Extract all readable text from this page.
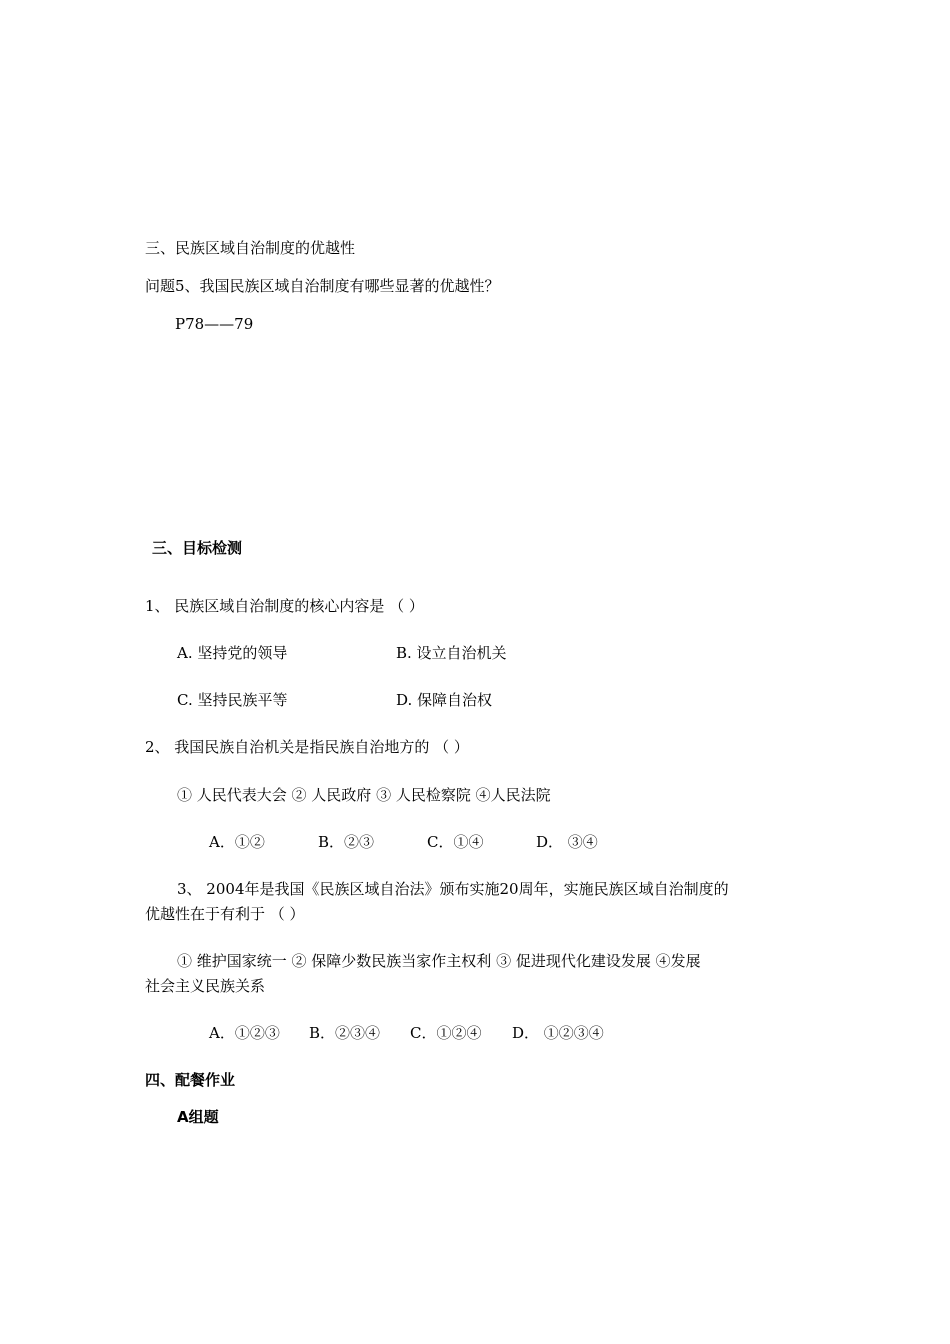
三、民族区域自治制度的优越性
问题5、我国民族区域自治制度有哪些显著的优越性？
P78——79
三、目标检测
1、 民族区域自治制度的核心内容是 （ ）
A. 坚持党的领导	B. 设立自治机关
C. 坚持民族平等	D. 保障自治权
2、 我国民族自治机关是指民族自治地方的 （ ）
① 人民代表大会 ② 人民政府 ③ 人民检察院 ④人民法院
A．①②	B．②③	C．①④	D． ③④
3、 2004年是我国《民族区域自治法》颁布实施20周年，实施民族区域自治制度的
优越性在于有利于 （ ）
① 维护国家统一 ② 保障少数民族当家作主权利 ③ 促进现代化建设发展 ④发展
社会主义民族关系
A．①②③ B．②③④ C．①②④ D． ①②③④
四、配餐作业
A组题
